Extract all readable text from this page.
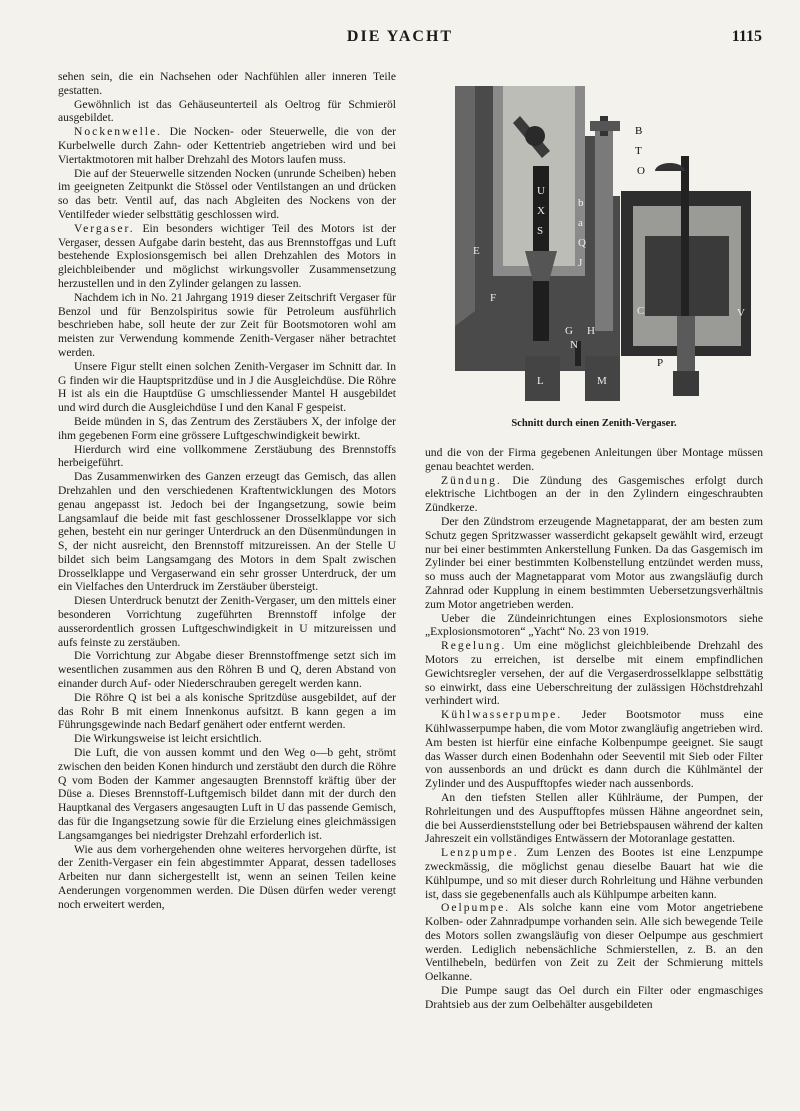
DIE YACHT	1115

sehen sein, die ein Nachsehen oder Nachfühlen aller inneren Teile gestatten.

Gewöhnlich ist das Gehäuseunterteil als Oeltrog für Schmieröl ausgebildet.

Nockenwelle. Die Nocken- oder Steuerwelle, die von der Kurbelwelle durch Zahn- oder Kettentrieb angetrieben wird und bei Viertaktmotoren mit halber Drehzahl des Motors laufen muss.

Die auf der Steuerwelle sitzenden Nocken (unrunde Scheiben) heben im geeigneten Zeitpunkt die Stössel oder Ventilstangen an und drücken so das betr. Ventil auf, das nach Abgleiten des Nockens von der Ventilfeder wieder selbsttätig geschlossen wird.

Vergaser. Ein besonders wichtiger Teil des Motors ist der Vergaser, dessen Aufgabe darin besteht, das aus Brennstoffgas und Luft bestehende Explosionsgemisch bei allen Drehzahlen des Motors in gleichbleibender und möglichst wirkungsvoller Zusammensetzung herzustellen und in den Zylinder gelangen zu lassen.

Nachdem ich in No. 21 Jahrgang 1919 dieser Zeitschrift Vergaser für Benzol und für Benzolspiritus sowie für Petroleum ausführlich beschrieben habe, soll heute der zur Zeit für Bootsmotoren wohl am meisten zur Verwendung kommende Zenith-Vergaser näher betrachtet werden.

Unsere Figur stellt einen solchen Zenith-Vergaser im Schnitt dar. In G finden wir die Hauptspritzdüse und in J die Ausgleichdüse. Die Röhre H ist als ein die Hauptdüse G umschliessender Mantel H ausgebildet und wird durch die Ausgleichdüse I und den Kanal F gespeist.

Beide münden in S, das Zentrum des Zerstäubers X, der infolge der ihm gegebenen Form eine grössere Luftgeschwindigkeit bewirkt.

Hierdurch wird eine vollkommene Zerstäubung des Brennstoffs herbeigeführt.

Das Zusammenwirken des Ganzen erzeugt das Gemisch, das allen Drehzahlen und den verschiedenen Kraftentwicklungen des Motors genau angepasst ist. Jedoch bei der Ingangsetzung, sowie beim Langsamlauf die beide mit fast geschlossener Drosselklappe vor sich gehen, besteht ein nur geringer Unterdruck an den Düsenmündungen in S, der nicht ausreicht, den Brennstoff mitzureissen. An der Stelle U bildet sich beim Langsamgang des Motors in dem Spalt zwischen Drosselklappe und Vergaserwand ein sehr grosser Unterdruck, der um ein Vielfaches den Unterdruck im Zerstäuber übersteigt.

Diesen Unterdruck benutzt der Zenith-Vergaser, um den mittels einer besonderen Vorrichtung zugeführten Brennstoff infolge der ausserordentlich grossen Luftgeschwindigkeit in U mitzureissen und aufs feinste zu zerstäuben.

Die Vorrichtung zur Abgabe dieser Brennstoffmenge setzt sich im wesentlichen zusammen aus den Röhren B und Q, deren Abstand von einander durch Auf- oder Niederschrauben geregelt werden kann.

Die Röhre Q ist bei a als konische Spritzdüse ausgebildet, auf der das Rohr B mit einem Innenkonus aufsitzt. B kann gegen a im Führungsgewinde nach Bedarf genähert oder entfernt werden.

Die Wirkungsweise ist leicht ersichtlich.

Die Luft, die von aussen kommt und den Weg o—b geht, strömt zwischen den beiden Konen hindurch und zerstäubt den durch die Röhre Q vom Boden der Kammer angesaugten Brennstoff kräftig über der Düse a. Dieses Brennstoff-Luftgemisch bildet dann mit der durch den Hauptkanal des Vergasers angesaugten Luft in U das passende Gemisch, das für die Ingangsetzung sowie für die Erzielung eines gleichmässigen Langsamganges bei niedrigster Drehzahl erforderlich ist.

Wie aus dem vorhergehenden ohne weiteres hervorgehen dürfte, ist der Zenith-Vergaser ein fein abgestimmter Apparat, dessen tadelloses Arbeiten nur dann sichergestellt ist, wenn an seinen Teilen keine Aenderungen vorgenommen werden. Die Düsen dürfen weder verengt noch erweitert werden,

B
T
O
b
a
Q
J
U
X
S
C	V
F
G H
N
L	M
P
E
Schnitt durch einen Zenith-Vergaser.

und die von der Firma gegebenen Anleitungen über Montage müssen genau beachtet werden.

Zündung. Die Zündung des Gasgemisches erfolgt durch elektrische Lichtbogen an der in den Zylindern eingeschraubten Zündkerze.

Der den Zündstrom erzeugende Magnetapparat, der am besten zum Schutz gegen Spritzwasser wasserdicht gekapselt gewählt wird, erzeugt nur bei einer bestimmten Ankerstellung Funken. Da das Gasgemisch im Zylinder bei einer bestimmten Kolbenstellung entzündet werden muss, so muss auch der Magnetapparat vom Motor aus zwangsläufig durch Zahnrad oder Kupplung in einem bestimmten Uebersetzungsverhältnis zum Motor angetrieben werden.

Ueber die Zündeinrichtungen eines Explosionsmotors siehe „Explosionsmotoren“ „Yacht“ No. 23 von 1919.

Regelung. Um eine möglichst gleichbleibende Drehzahl des Motors zu erreichen, ist derselbe mit einem empfindlichen Gewichtsregler versehen, der auf die Vergaserdrosselklappe selbsttätig so einwirkt, dass eine Ueberschreitung der zulässigen Höchstdrehzahl verhindert wird.

Kühlwasserpumpe. Jeder Bootsmotor muss eine Kühlwasserpumpe haben, die vom Motor zwangläufig angetrieben wird. Am besten ist hierfür eine einfache Kolbenpumpe geeignet. Sie saugt das Wasser durch einen Bodenhahn oder Seeventil mit Sieb oder Filter von aussenbords an und drückt es dann durch die Kühlmäntel der Zylinder und des Auspufftopfes wieder nach aussenbords.

An den tiefsten Stellen aller Kühlräume, der Pumpen, der Rohrleitungen und des Auspufftopfes müssen Hähne angeordnet sein, die bei Ausserdienststellung oder bei Betriebspausen während der kalten Jahreszeit ein vollständiges Entwässern der Motoranlage gestatten.

Lenzpumpe. Zum Lenzen des Bootes ist eine Lenzpumpe zweckmässig, die möglichst genau dieselbe Bauart hat wie die Kühlpumpe, und so mit dieser durch Rohrleitung und Hähne verbunden ist, dass sie gegebenenfalls auch als Kühlpumpe arbeiten kann.

Oelpumpe. Als solche kann eine vom Motor angetriebene Kolben- oder Zahnradpumpe vorhanden sein. Alle sich bewegende Teile des Motors sollen zwangsläufig von dieser Oelpumpe aus geschmiert werden. Lediglich nebensächliche Schmierstellen, z. B. an den Ventilhebeln, bedürfen von Zeit zu Zeit der Schmierung mittels Oelkanne.

Die Pumpe saugt das Oel durch ein Filter oder engmaschiges Drahtsieb aus der zum Oelbehälter ausgebildeten
